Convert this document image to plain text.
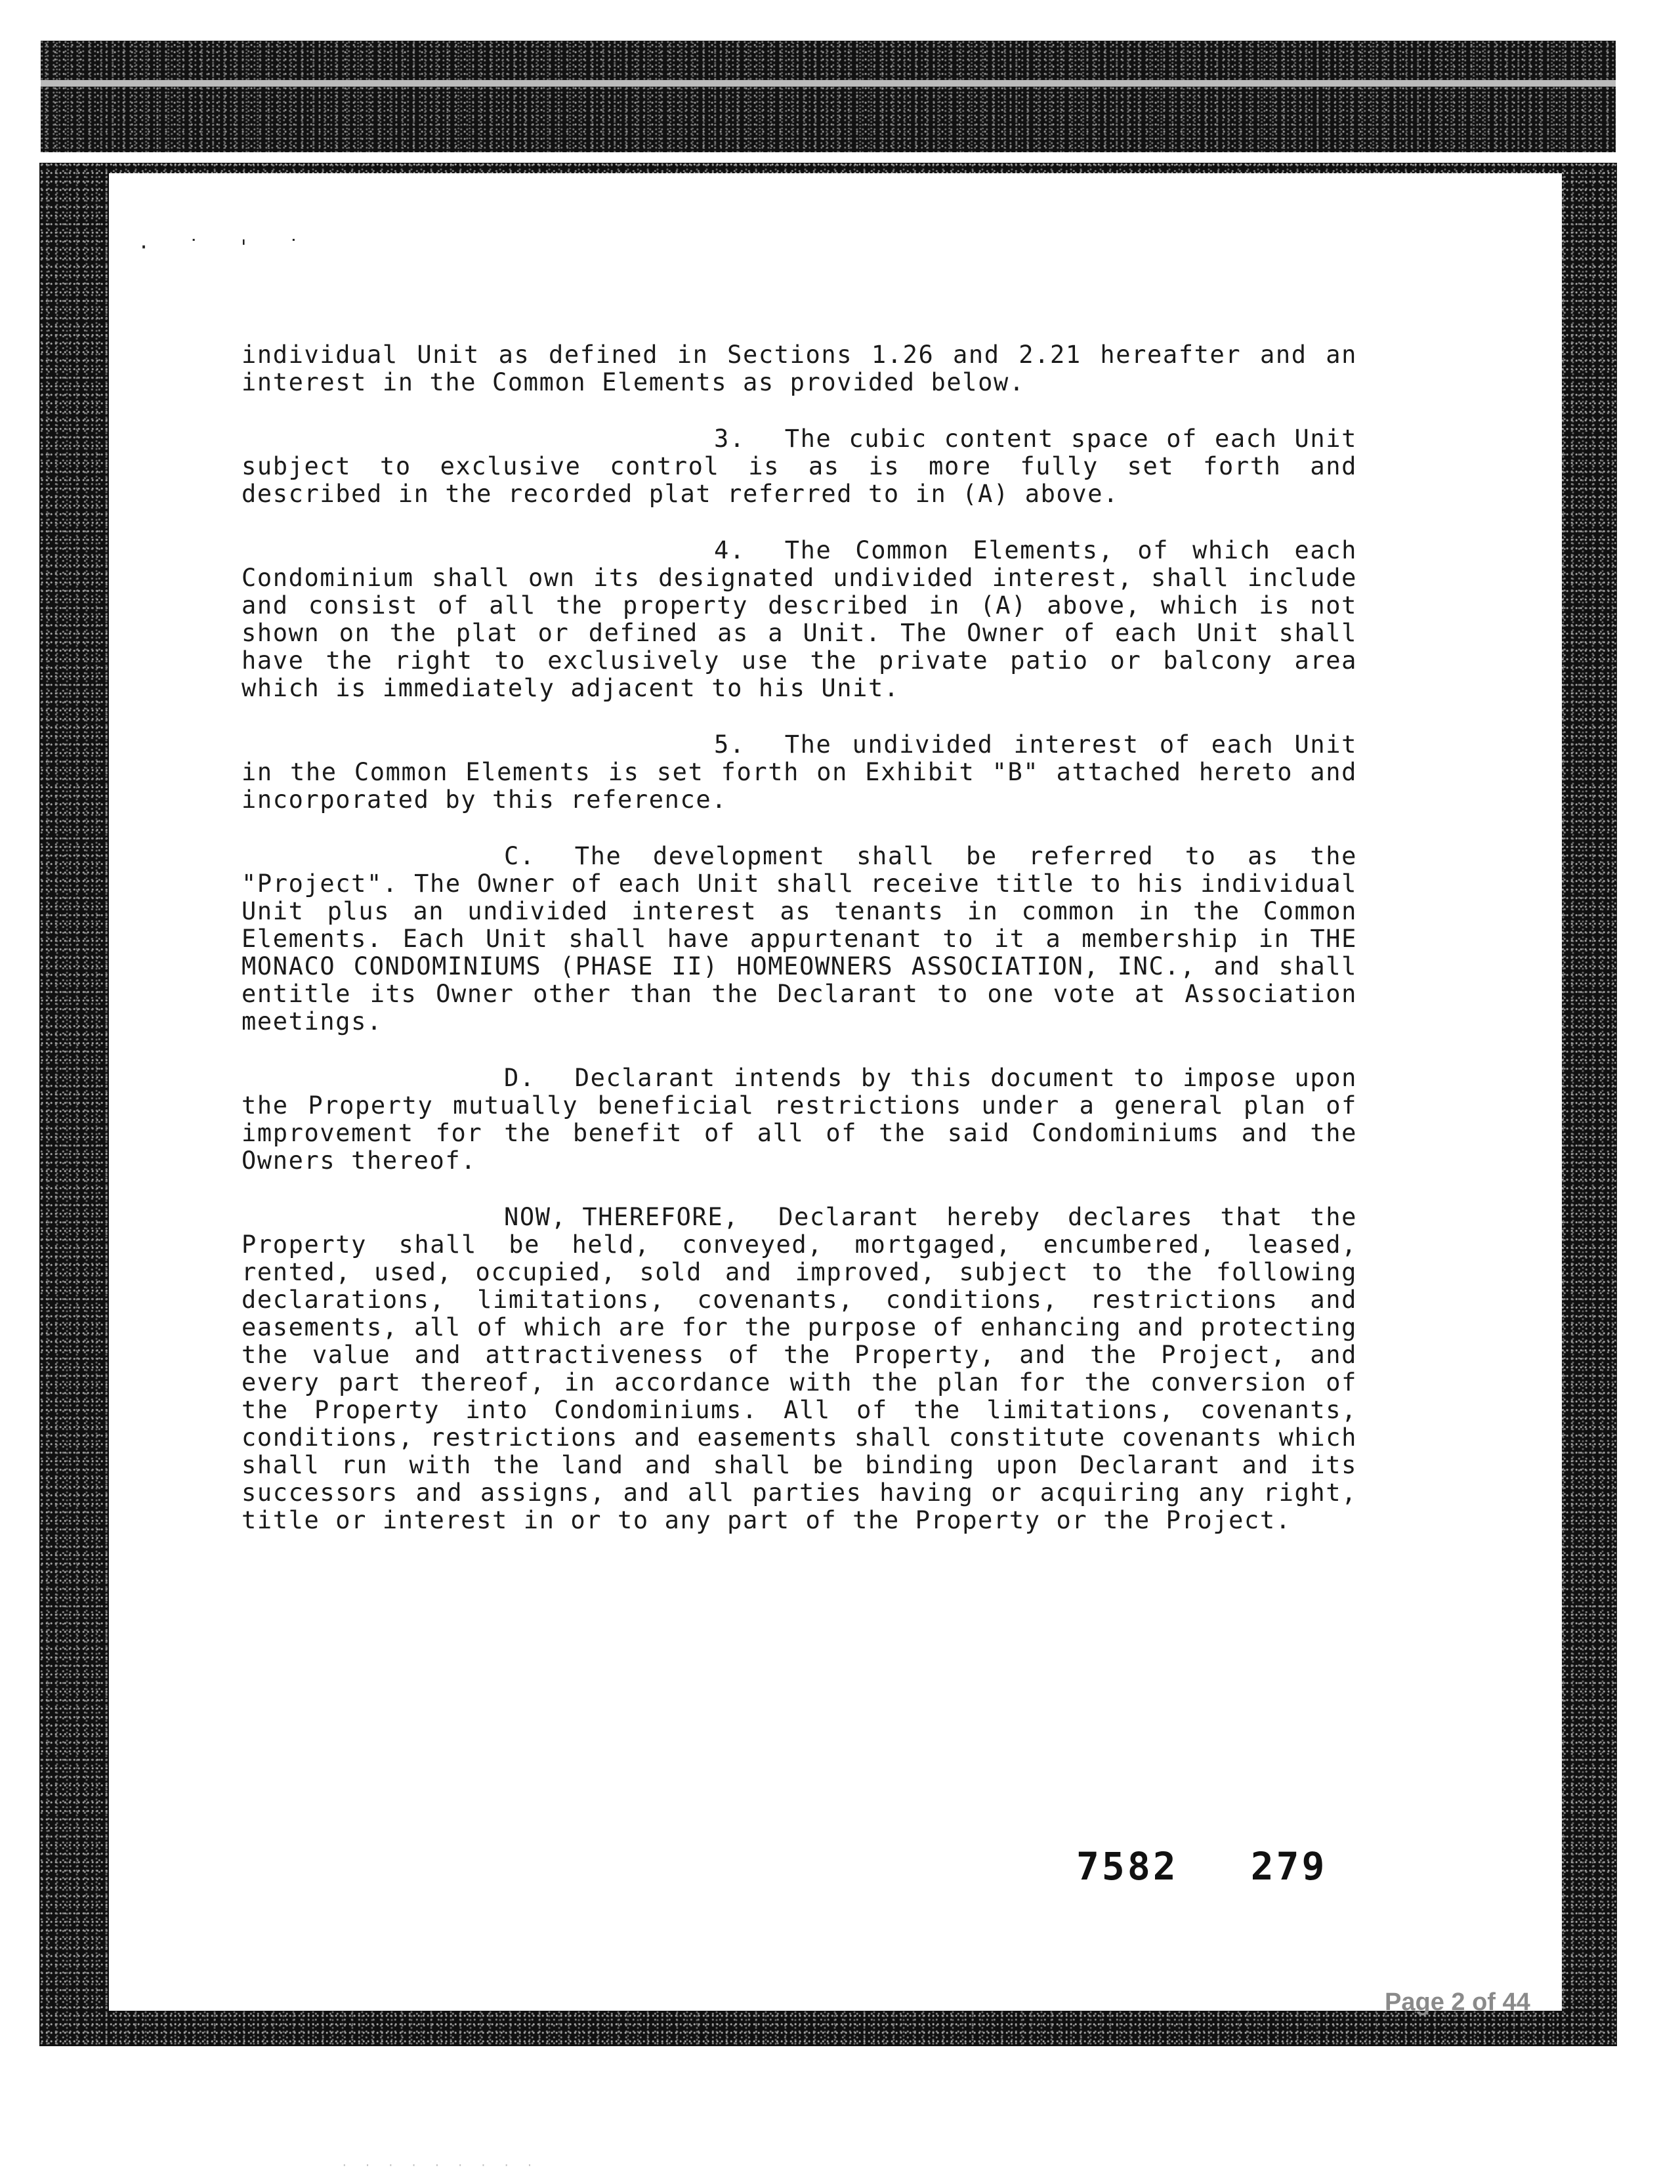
· ˙ ' ˙

individual Unit as defined in Sections 1.26 and 2.21 hereafter and an interest in the Common Elements as provided below.

3. The cubic content space of each Unit subject to exclusive control is as is more fully set forth and described in the recorded plat referred to in (A) above.

4. The Common Elements, of which each Condominium shall own its designated undivided interest, shall include and consist of all the property described in (A) above, which is not shown on the plat or defined as a Unit. The Owner of each Unit shall have the right to exclusively use the private patio or balcony area which is immediately adjacent to his Unit.

5. The undivided interest of each Unit in the Common Elements is set forth on Exhibit "B" attached hereto and incorporated by this reference.

C. The development shall be referred to as the "Project". The Owner of each Unit shall receive title to his individual Unit plus an undivided interest as tenants in common in the Common Elements. Each Unit shall have appurtenant to it a membership in THE MONACO CONDOMINIUMS (PHASE II) HOMEOWNERS ASSOCIATION, INC., and shall entitle its Owner other than the Declarant to one vote at Association meetings.

D. Declarant intends by this document to impose upon the Property mutually beneficial restrictions under a general plan of improvement for the benefit of all of the said Condominiums and the Owners thereof.

NOW, THEREFORE, Declarant hereby declares that the Property shall be held, conveyed, mortgaged, encumbered, leased, rented, used, occupied, sold and improved, subject to the following declarations, limitations, covenants, conditions, restrictions and easements, all of which are for the purpose of enhancing and protecting the value and attractiveness of the Property, and the Project, and every part thereof, in accordance with the plan for the conversion of the Property into Condominiums. All of the limitations, covenants, conditions, restrictions and easements shall constitute covenants which shall run with the land and shall be binding upon Declarant and its successors and assigns, and all parties having or acquiring any right, title or interest in or to any part of the Property or the Project.

7582 279
Page 2 of 44
· · · · · · · · ·
